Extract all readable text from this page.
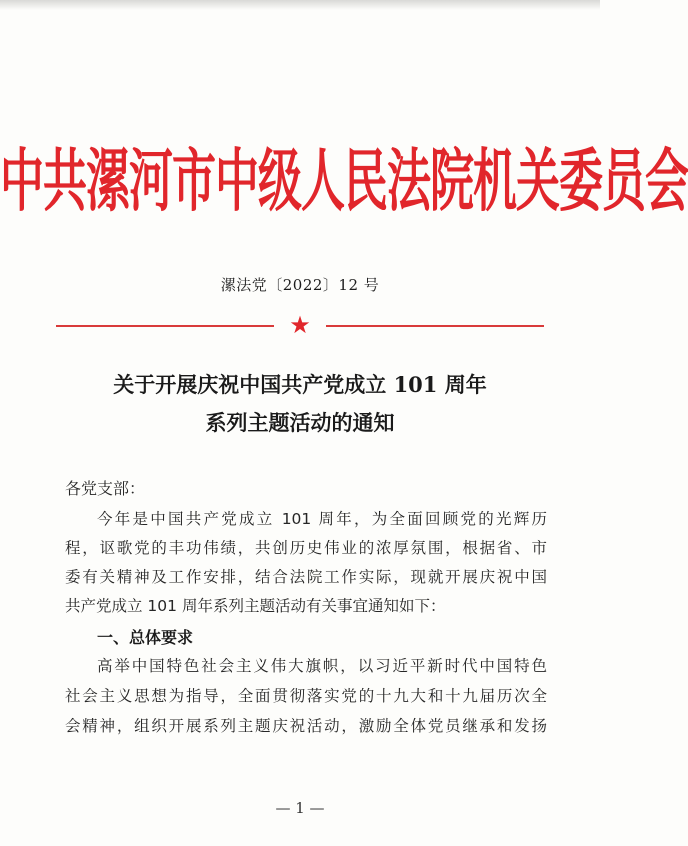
中共漯河市中级人民法院机关委员会
漯法党〔2022〕12 号
★
关于开展庆祝中国共产党成立 101 周年
系列主题活动的通知
各党支部：
今年是中国共产党成立 101 周年，为全面回顾党的光辉历
程，讴歌党的丰功伟绩，共创历史伟业的浓厚氛围，根据省、市
委有关精神及工作安排，结合法院工作实际，现就开展庆祝中国
共产党成立 101 周年系列主题活动有关事宜通知如下：
一、总体要求
高举中国特色社会主义伟大旗帜，以习近平新时代中国特色
社会主义思想为指导，全面贯彻落实党的十九大和十九届历次全
会精神，组织开展系列主题庆祝活动，激励全体党员继承和发扬
— 1 —
